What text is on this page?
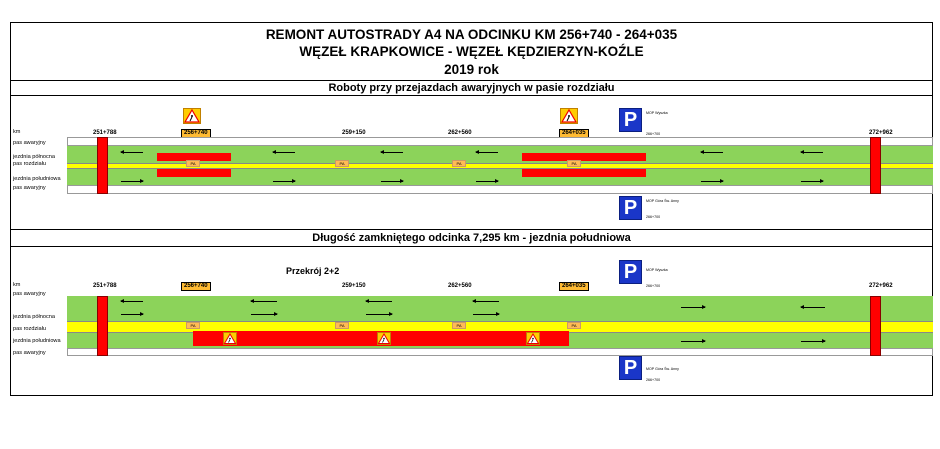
REMONT AUTOSTRADY A4 NA ODCINKU KM 256+740 - 264+035
WĘZEŁ KRAPKOWICE - WĘZEŁ KĘDZIERZYN-KOŹLE
2019 rok
Roboty przy przejazdach awaryjnych w pasie rozdziału
Długość zamkniętego odcinka 7,295 km - jezdnia południowa
km
pas awaryjny
jezdnia północna
pas rozdziału
jezdnia południowa
pas awaryjny
251+788	256+740	259+150	262+560	264+035	272+962
PA	PA	PA	PA
P	MOP Wyszka
266+700
P	MOP Góra Św. Anny
266+700
Przekrój 2+2
km
pas awaryjny
jezdnia północna
pas rozdziału
jezdnia południowa
pas awaryjny
251+788	256+740	259+150	262+560	264+035	272+962
PA	PA	PA	PA
P	MOP Wyszka
266+700
P	MOP Góra Św. Anny
266+700
